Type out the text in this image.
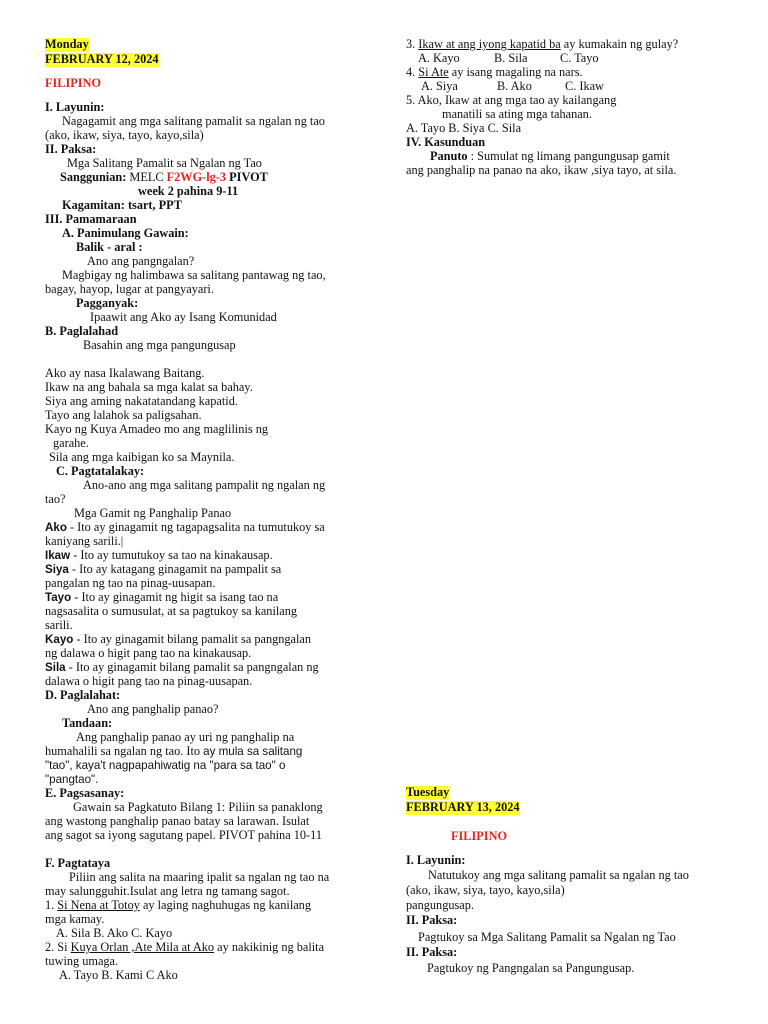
Monday
FEBRUARY 12, 2024
FILIPINO
I. Layunin:
Nagagamit ang mga salitang pamalit sa ngalan ng tao
(ako, ikaw, siya, tayo, kayo,sila)
II. Paksa:
Mga Salitang Pamalit sa Ngalan ng Tao
Sanggunian: MELC F2WG-lg-3 PIVOT
week 2 pahina 9-11
Kagamitan: tsart, PPT
III. Pamamaraan
A. Panimulang Gawain:
Balik - aral :
Ano ang pangngalan?
Magbigay ng halimbawa sa salitang pantawag ng tao,
bagay, hayop, lugar at pangyayari.
Pagganyak:
Ipaawit ang Ako ay Isang Komunidad
B. Paglalahad
Basahin ang mga pangungusap
Ako ay nasa Ikalawang Baitang.
Ikaw na ang bahala sa mga kalat sa bahay.
Siya ang aming nakatatandang kapatid.
Tayo ang lalahok sa paligsahan.
Kayo ng Kuya Amadeo mo ang maglilinis ng
garahe.
Sila ang mga kaibigan ko sa Maynila.
C. Pagtatalakay:
Ano-ano ang mga salitang pampalit ng ngalan ng
tao?
Mga Gamit ng Panghalip Panao
Ako - Ito ay ginagamit ng tagapagsalita na tumutukoy sa
kaniyang sarili.|
Ikaw - Ito ay tumutukoy sa tao na kinakausap.
Siya - Ito ay katagang ginagamit na pampalit sa
pangalan ng tao na pinag-uusapan.
Tayo - Ito ay ginagamit ng higit sa isang tao na
nagsasalita o sumusulat, at sa pagtukoy sa kanilang
sarili.
Kayo - Ito ay ginagamit bilang pamalit sa pangngalan
ng dalawa o higit pang tao na kinakausap.
Sila - Ito ay ginagamit bilang pamalit sa pangngalan ng
dalawa o higit pang tao na pinag-uusapan.
D. Paglalahat:
Ano ang panghalip panao?
Tandaan:
Ang panghalip panao ay uri ng panghalip na
humahalili sa ngalan ng tao. Ito ay mula sa salitang
"tao", kaya't nagpapahiwatig na "para sa tao" o
"pangtao".
E. Pagsasanay:
Gawain sa Pagkatuto Bilang 1: Piliin sa panaklong
ang wastong panghalip panao batay sa larawan. Isulat
ang sagot sa iyong sagutang papel. PIVOT pahina 10-11
F. Pagtataya
Piliin ang salita na maaring ipalit sa ngalan ng tao na
may salungguhit.Isulat ang letra ng tamang sagot.
1. Si Nena at Totoy ay laging naghuhugas ng kanilang
mga kamay.
A. Sila B. Ako C. Kayo
2. Si Kuya Orlan ,Ate Mila at Ako ay nakikinig ng balita
tuwing umaga.
A. Tayo B. Kami C Ako
3. Ikaw at ang iyong kapatid ba ay kumakain ng gulay?
A. Kayo	B. Sila	C. Tayo
4. Si Ate ay isang magaling na nars.
A. Siya	B. Ako	C. Ikaw
5. Ako, Ikaw at ang mga tao ay kailangang
manatili sa ating mga tahanan.
A. Tayo B. Siya C. Sila
IV. Kasunduan
Panuto : Sumulat ng limang pangungusap gamit
ang panghalip na panao na ako, ikaw ,siya tayo, at sila.
Tuesday
FEBRUARY 13, 2024
FILIPINO
I. Layunin:
Natutukoy ang mga salitang pamalit sa ngalan ng tao
(ako, ikaw, siya, tayo, kayo,sila)
pangungusap.
II. Paksa:
Pagtukoy sa Mga Salitang Pamalit sa Ngalan ng Tao
II. Paksa:
Pagtukoy ng Pangngalan sa Pangungusap.
